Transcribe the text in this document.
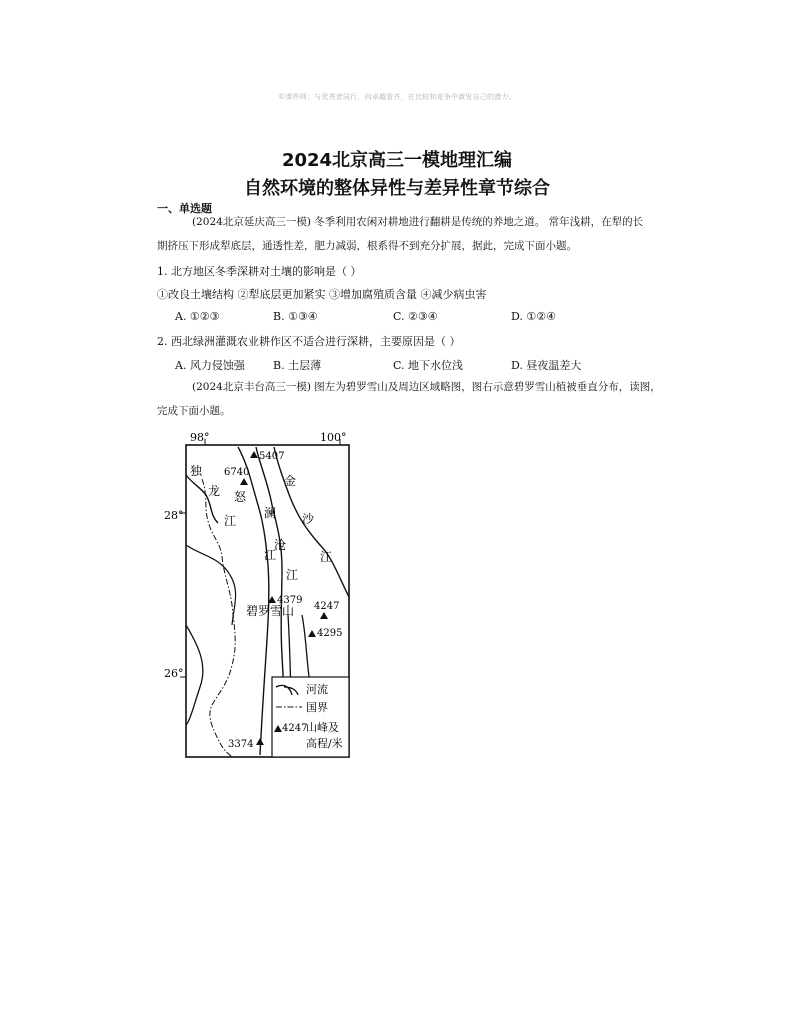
©课件网：与优秀者同行，向卓越看齐，在比较和竞争中激发自己的潜力。
2024北京高三一模地理汇编
自然环境的整体异性与差异性章节综合
一、单选题
(2024北京延庆高三一模) 冬季利用农闲对耕地进行翻耕是传统的养地之道。 常年浅耕，在犁的长
期挤压下形成犁底层，通透性差，肥力减弱，根系得不到充分扩展，据此，完成下面小题。
1. 北方地区冬季深耕对土壤的影响是（ ）
①改良土壤结构 ②犁底层更加紧实 ③增加腐殖质含量 ④减少病虫害
A. ①②③	B. ①③④	C. ②③④	D. ①②④
2. 西北绿洲灌溉农业耕作区不适合进行深耕，主要原因是（ ）
A. 风力侵蚀强	B. 土层薄	C. 地下水位浅	D. 昼夜温差大
(2024北京丰台高三一模) 图左为碧罗雪山及周边区域略图，图右示意碧罗雪山植被垂直分布，读图，
完成下面小题。
98°	100°
28°
26°
独
龙
江
怒
江
澜
沧
江
金
沙
江
碧罗雪山
5407
6740
4379
4247
4295
3374
河流
国界
4247
山峰及
高程/米
